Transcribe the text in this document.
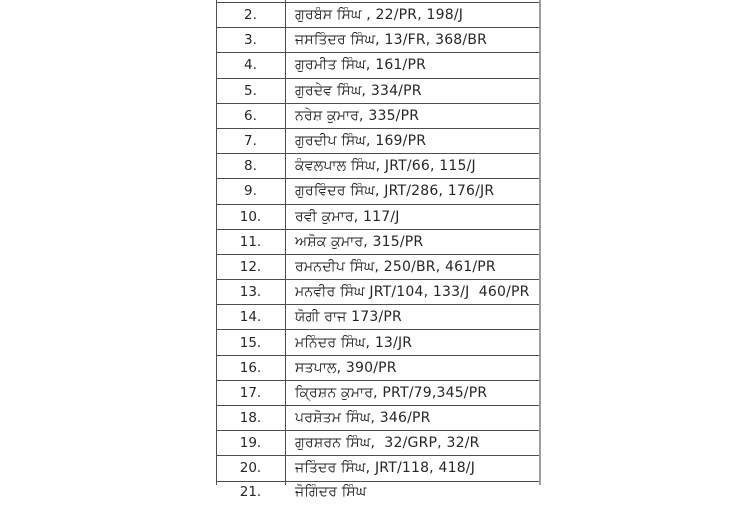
2.	ਗੁਰਬੰਸ ਸਿੰਘ , 22/PR, 198/J
3.	ਜਸਤਿੰਦਰ ਸਿੰਘ, 13/FR, 368/BR
4.	ਗੁਰਮੀਤ ਸਿੰਘ, 161/PR
5.	ਗੁਰਦੇਵ ਸਿੰਘ, 334/PR
6.	ਨਰੇਸ਼ ਕੁਮਾਰ, 335/PR
7.	ਗੁਰਦੀਪ ਸਿੰਘ, 169/PR
8.	ਕੰਵਲਪਾਲ ਸਿੰਘ, JRT/66, 115/J
9.	ਗੁਰਵਿੰਦਰ ਸਿੰਘ, JRT/286, 176/JR
10.	ਰਵੀ ਕੁਮਾਰ, 117/J
11.	ਅਸ਼ੋਕ ਕੁਮਾਰ, 315/PR
12.	ਰਮਨਦੀਪ ਸਿੰਘ, 250/BR, 461/PR
13.	ਮਨਵੀਰ ਸਿੰਘ JRT/104, 133/J  460/PR
14.	ਯੋਗੀ ਰਾਜ 173/PR
15.	ਮਨਿੰਦਰ ਸਿੰਘ, 13/JR
16.	ਸਤਪਾਲ, 390/PR
17.	ਕ੍ਰਿਸ਼ਨ ਕੁਮਾਰ, PRT/79,345/PR
18.	ਪਰਸ਼ੋਤਮ ਸਿੰਘ, 346/PR
19.	ਗੁਰਸ਼ਰਨ ਸਿੰਘ,  32/GRP, 32/R
20.	ਜਤਿੰਦਰ ਸਿੰਘ, JRT/118, 418/J
21.	ਜੋਗਿੰਦਰ ਸਿੰਘ
